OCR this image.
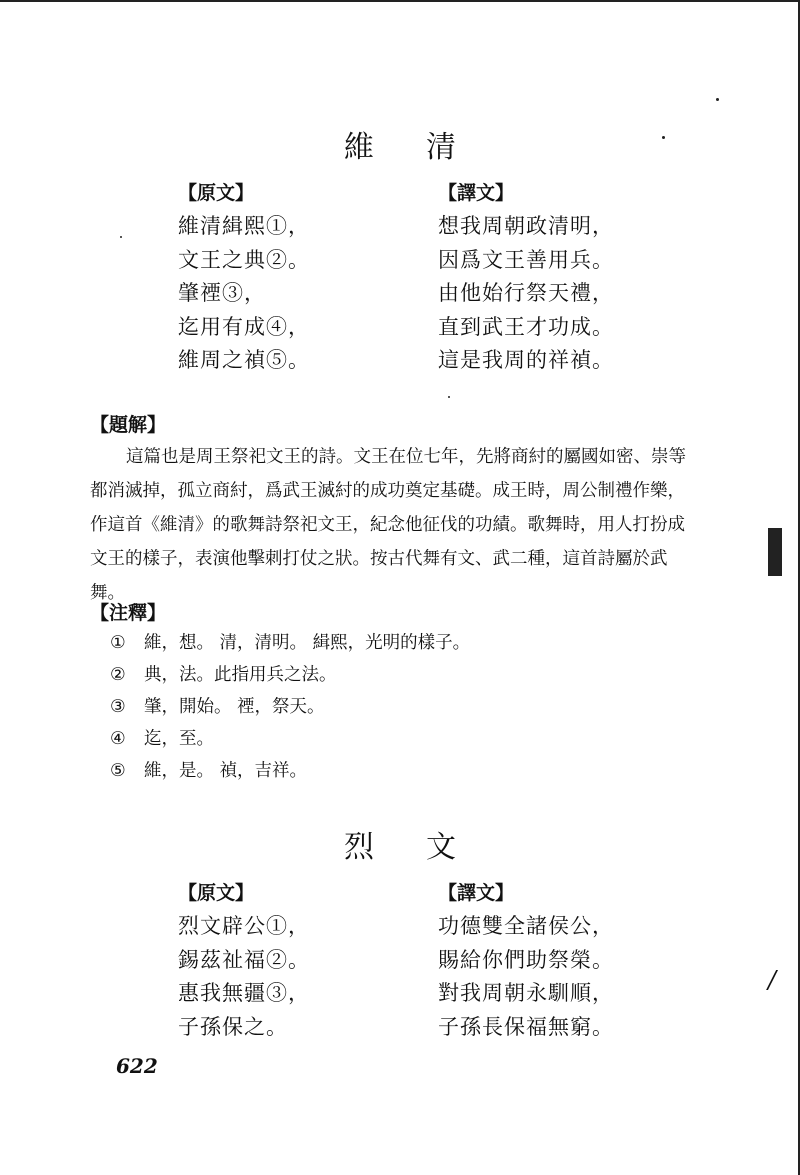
維清
【原文】
維清緝熙①，
文王之典②。
肇禋③，
迄用有成④，
維周之禎⑤。
【譯文】
想我周朝政清明，
因爲文王善用兵。
由他始行祭天禮，
直到武王才功成。
這是我周的祥禎。
【題解】

這篇也是周王祭祀文王的詩。文王在位七年，先將商紂的屬國如密、崇等都消滅掉，孤立商紂，爲武王滅紂的成功奠定基礎。成王時，周公制禮作樂，作這首《維清》的歌舞詩祭祀文王，紀念他征伐的功績。歌舞時，用人打扮成文王的樣子，表演他擊刺打仗之狀。按古代舞有文、武二種，這首詩屬於武舞。

【注釋】
① 維，想。 清，清明。 緝熙，光明的樣子。
② 典，法。此指用兵之法。
③ 肇，開始。 禋，祭天。
④ 迄，至。
⑤ 維，是。 禎，吉祥。
烈文
【原文】
烈文辟公①，
錫茲祉福②。
惠我無疆③，
子孫保之。
【譯文】
功德雙全諸侯公，
賜給你們助祭榮。
對我周朝永馴順，
子孫長保福無窮。
622
/
